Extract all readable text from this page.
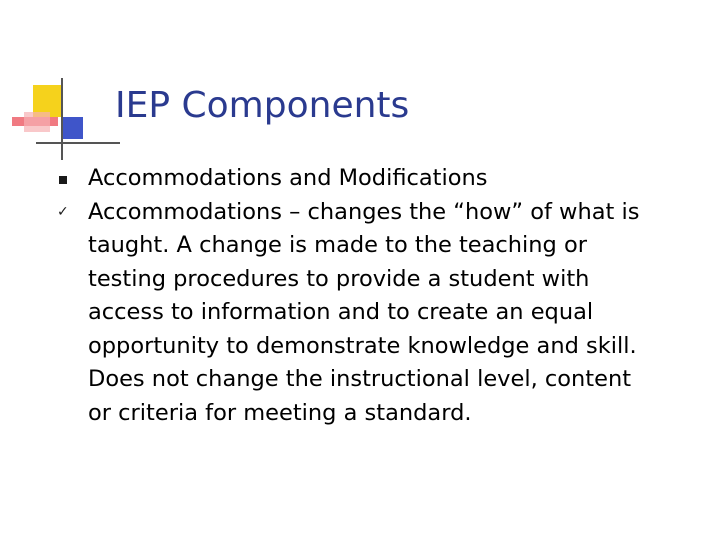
IEP Components
Accommodations and Modifications
✓ Accommodations – changes the “how” of what is taught. A change is made to the teaching or testing procedures to provide a student with access to information and to create an equal opportunity to demonstrate knowledge and skill. Does not change the instructional level, content or criteria for meeting a standard.
